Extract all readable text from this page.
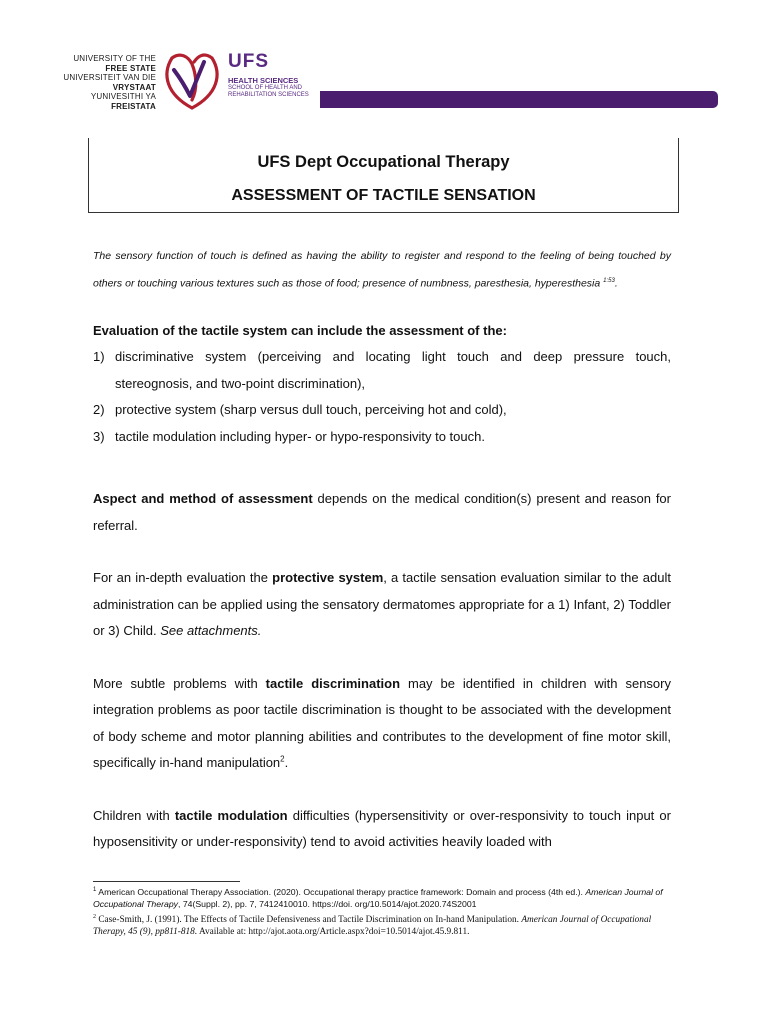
UNIVERSITY OF THE
FREE STATE
UNIVERSITEIT VAN DIE
VRYSTAAT
YUNIVESITHI YA
FREISTATA
UFS
HEALTH SCIENCES
SCHOOL OF HEALTH AND
REHABILITATION SCIENCES
UFS Dept Occupational Therapy
ASSESSMENT OF TACTILE SENSATION

The sensory function of touch is defined as having the ability to register and respond to the feeling of being touched by others or touching various textures such as those of food; presence of numbness, paresthesia, hyperesthesia $^{1:53}$.

Evaluation of the tactile system can include the assessment of the:
1) discriminative system (perceiving and locating light touch and deep pressure touch, stereognosis, and two-point discrimination),
2) protective system (sharp versus dull touch, perceiving hot and cold),
3) tactile modulation including hyper- or hypo-responsivity to touch.

Aspect and method of assessment depends on the medical condition(s) present and reason for referral.

For an in-depth evaluation the protective system, a tactile sensation evaluation similar to the adult administration can be applied using the sensatory dermatomes appropriate for a 1) Infant, 2) Toddler or 3) Child. See attachments.

More subtle problems with tactile discrimination may be identified in children with sensory integration problems as poor tactile discrimination is thought to be associated with the development of body scheme and motor planning abilities and contributes to the development of fine motor skill, specifically in-hand manipulation$^2$.

Children with tactile modulation difficulties (hypersensitivity or over-responsivity to touch input or hyposensitivity or under-responsivity) tend to avoid activities heavily loaded with

$^1$ American Occupational Therapy Association. (2020). Occupational therapy practice framework: Domain and process (4th ed.). American Journal of Occupational Therapy, 74(Suppl. 2), pp. 7, 7412410010. https://doi. org/10.5014/ajot.2020.74S2001

$^2$ Case-Smith, J. (1991). The Effects of Tactile Defensiveness and Tactile Discrimination on In-hand Manipulation. American Journal of Occupational Therapy, 45 (9), pp811-818. Available at: http://ajot.aota.org/Article.aspx?doi=10.5014/ajot.45.9.811.
